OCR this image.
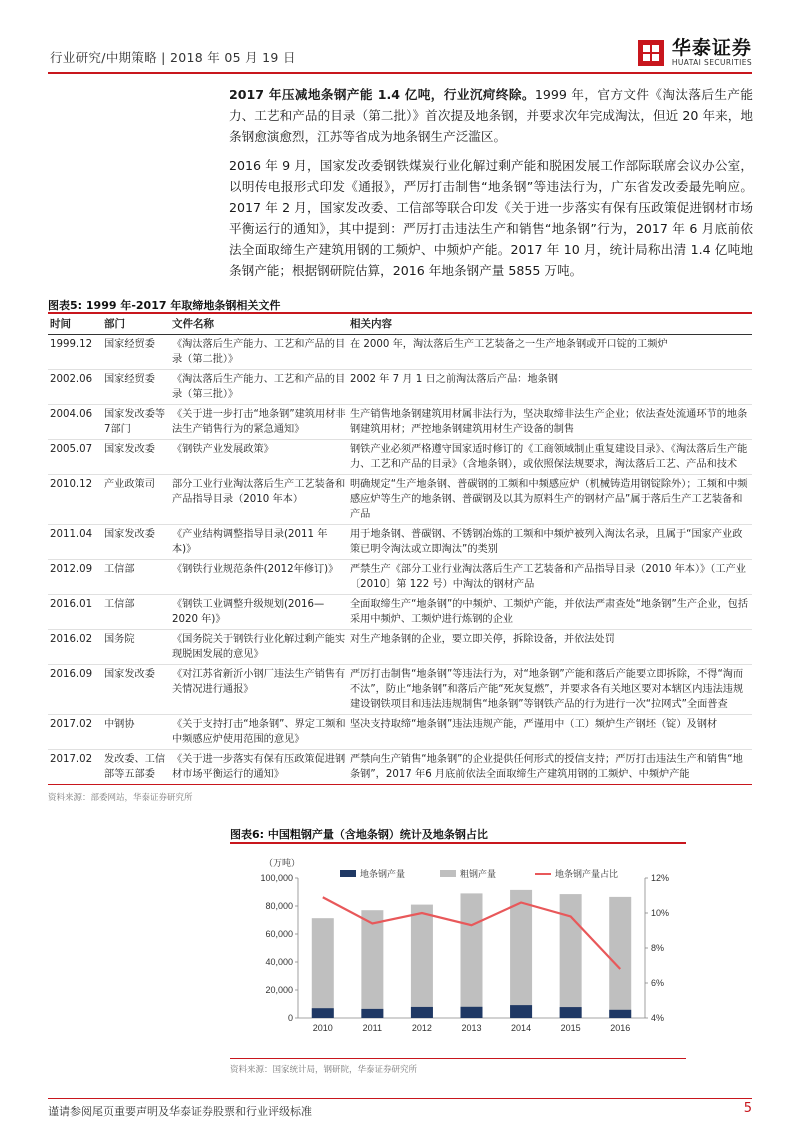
行业研究/中期策略 | 2018 年 05 月 19 日	华泰证券
HUATAI SECURITIES
2017 年压减地条钢产能 1.4 亿吨，行业沉疴终除。1999 年，官方文件《淘汰落后生产能力、工艺和产品的目录（第二批）》首次提及地条钢，并要求次年完成淘汰，但近 20 年来，地条钢愈演愈烈，江苏等省成为地条钢生产泛滥区。
2016 年 9 月，国家发改委钢铁煤炭行业化解过剩产能和脱困发展工作部际联席会议办公室，以明传电报形式印发《通报》，严厉打击制售“地条钢”等违法行为，广东省发改委最先响应。2017 年 2 月，国家发改委、工信部等联合印发《关于进一步落实有保有压政策促进钢材市场平衡运行的通知》，其中提到：严厉打击违法生产和销售“地条钢”行为，2017 年 6 月底前依法全面取缔生产建筑用钢的工频炉、中频炉产能。2017 年 10 月，统计局称出清 1.4 亿吨地条钢产能；根据钢研院估算，2016 年地条钢产量 5855 万吨。
图表5: 1999 年-2017 年取缔地条钢相关文件
时间	部门	文件名称	相关内容
1999.12	国家经贸委	《淘汰落后生产能力、工艺和产品的目录（第二批）》	在 2000 年，淘汰落后生产工艺装备之一生产地条钢或开口锭的工频炉
2002.06	国家经贸委	《淘汰落后生产能力、工艺和产品的目录（第三批）》	2002 年 7 月 1 日之前淘汰落后产品：地条钢
2004.06	国家发改委等7部门	《关于进一步打击“地条钢”建筑用材非法生产销售行为的紧急通知》	生产销售地条钢建筑用材属非法行为，坚决取缔非法生产企业；依法查处流通环节的地条钢建筑用材；严控地条钢建筑用材生产设备的制售
2005.07	国家发改委	《钢铁产业发展政策》	钢铁产业必须严格遵守国家适时修订的《工商领域制止重复建设目录》、《淘汰落后生产能力、工艺和产品的目录》（含地条钢），或依照保法规要求，淘汰落后工艺、产品和技术
2010.12	产业政策司	部分工业行业淘汰落后生产工艺装备和产品指导目录（2010 年本）	明确规定“生产地条钢、普碳钢的工频和中频感应炉（机械铸造用钢锭除外）；工频和中频感应炉等生产的地条钢、普碳钢及以其为原料生产的钢材产品”属于落后生产工艺装备和产品
2011.04	国家发改委	《产业结构调整指导目录(2011 年本)》	用于地条钢、普碳钢、不锈钢冶炼的工频和中频炉被列入淘汰名录，且属于“国家产业政策已明令淘汰或立即淘汰”的类别
2012.09	工信部	《钢铁行业规范条件(2012年修订)》	严禁生产《部分工业行业淘汰落后生产工艺装备和产品指导目录（2010 年本）》（工产业〔2010〕第 122 号）中淘汰的钢材产品
2016.01	工信部	《钢铁工业调整升级规划(2016—2020 年)》	全面取缔生产“地条钢”的中频炉、工频炉产能，并依法严肃查处“地条钢”生产企业，包括采用中频炉、工频炉进行炼钢的企业
2016.02	国务院	《国务院关于钢铁行业化解过剩产能实现脱困发展的意见》	对生产地条钢的企业，要立即关停，拆除设备，并依法处罚
2016.09	国家发改委	《对江苏省新沂小钢厂违法生产销售有关情况进行通报》	严厉打击制售“地条钢”等违法行为，对“地条钢”产能和落后产能要立即拆除，不得“淘而不汰”，防止“地条钢”和落后产能“死灰复燃”，并要求各有关地区要对本辖区内违法违规建设钢铁项目和违法违规制售“地条钢”等钢铁产品的行为进行一次“拉网式”全面普查
2017.02	中钢协	《关于支持打击“地条钢”、界定工频和中频感应炉使用范围的意见》	坚决支持取缔“地条钢”违法违规产能，严谨用中（工）频炉生产钢坯（锭）及钢材
2017.02	发改委、工信部等五部委	《关于进一步落实有保有压政策促进钢材市场平衡运行的通知》	严禁向生产销售“地条钢”的企业提供任何形式的授信支持；严厉打击违法生产和销售“地条钢”，2017 年6 月底前依法全面取缔生产建筑用钢的工频炉、中频炉产能
资料来源：部委网站，华泰证券研究所
图表6: 中国粗钢产量（含地条钢）统计及地条钢占比
（万吨）
0
20,000
40,000
60,000
80,000
100,000
4%
6%
8%
10%
12%
2010	2011	2012	2013	2014	2015	2016
地条钢产量	粗钢产量	地条钢产量占比
资料来源：国家统计局，钢研院，华泰证券研究所
谨请参阅尾页重要声明及华泰证券股票和行业评级标准	5
